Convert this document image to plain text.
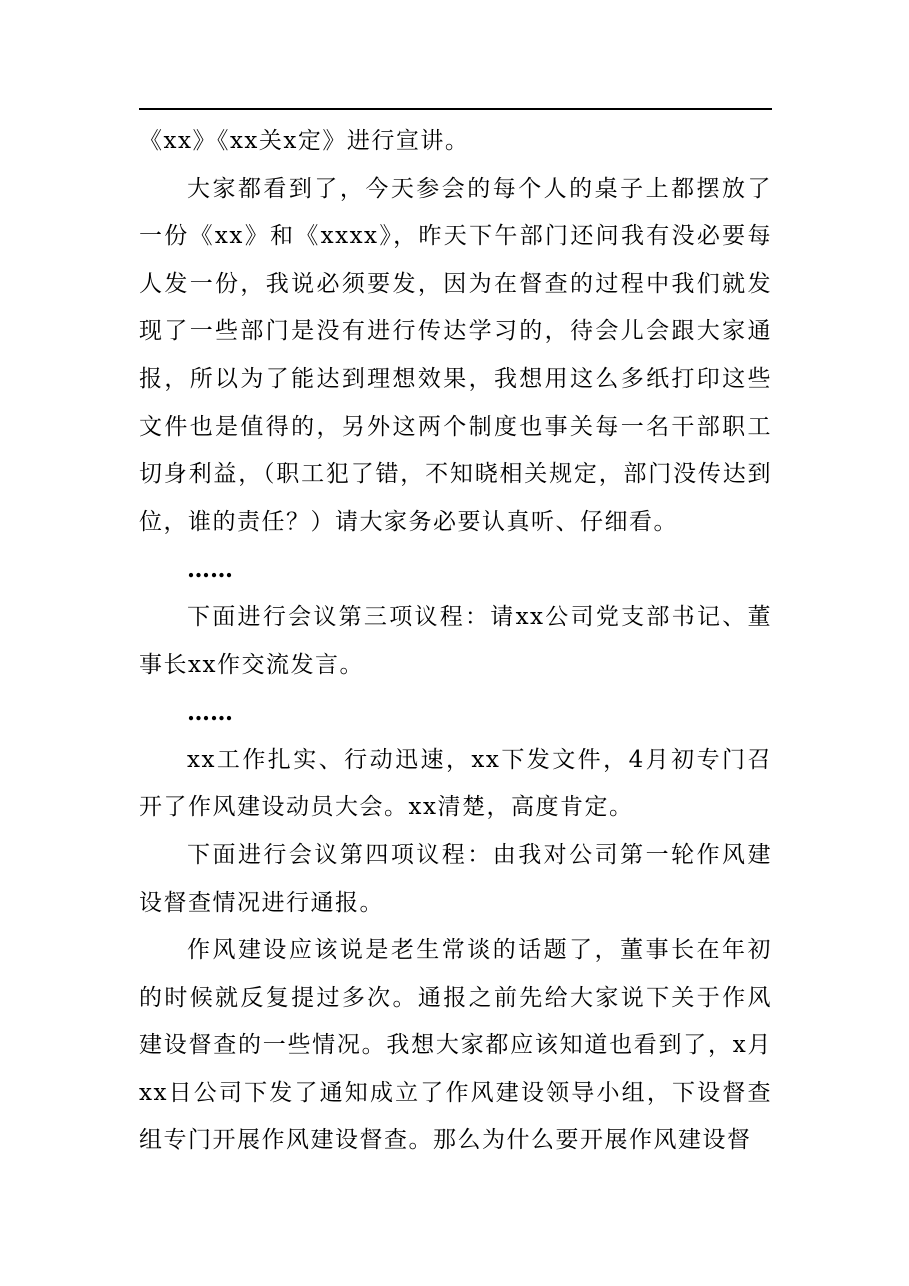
《xx》《xx关x定》进行宣讲。

大家都看到了，今天参会的每个人的桌子上都摆放了一份《xx》和《xxxx》，昨天下午部门还问我有没必要每人发一份，我说必须要发，因为在督查的过程中我们就发现了一些部门是没有进行传达学习的，待会儿会跟大家通报，所以为了能达到理想效果，我想用这么多纸打印这些文件也是值得的，另外这两个制度也事关每一名干部职工切身利益，（职工犯了错，不知晓相关规定，部门没传达到位，谁的责任？）请大家务必要认真听、仔细看。

……

下面进行会议第三项议程：请xx公司党支部书记、董事长xx作交流发言。

……

xx工作扎实、行动迅速，xx下发文件，4月初专门召开了作风建设动员大会。xx清楚，高度肯定。

下面进行会议第四项议程：由我对公司第一轮作风建设督查情况进行通报。

作风建设应该说是老生常谈的话题了，董事长在年初的时候就反复提过多次。通报之前先给大家说下关于作风建设督查的一些情况。我想大家都应该知道也看到了，x月xx日公司下发了通知成立了作风建设领导小组，下设督查组专门开展作风建设督查。那么为什么要开展作风建设督
